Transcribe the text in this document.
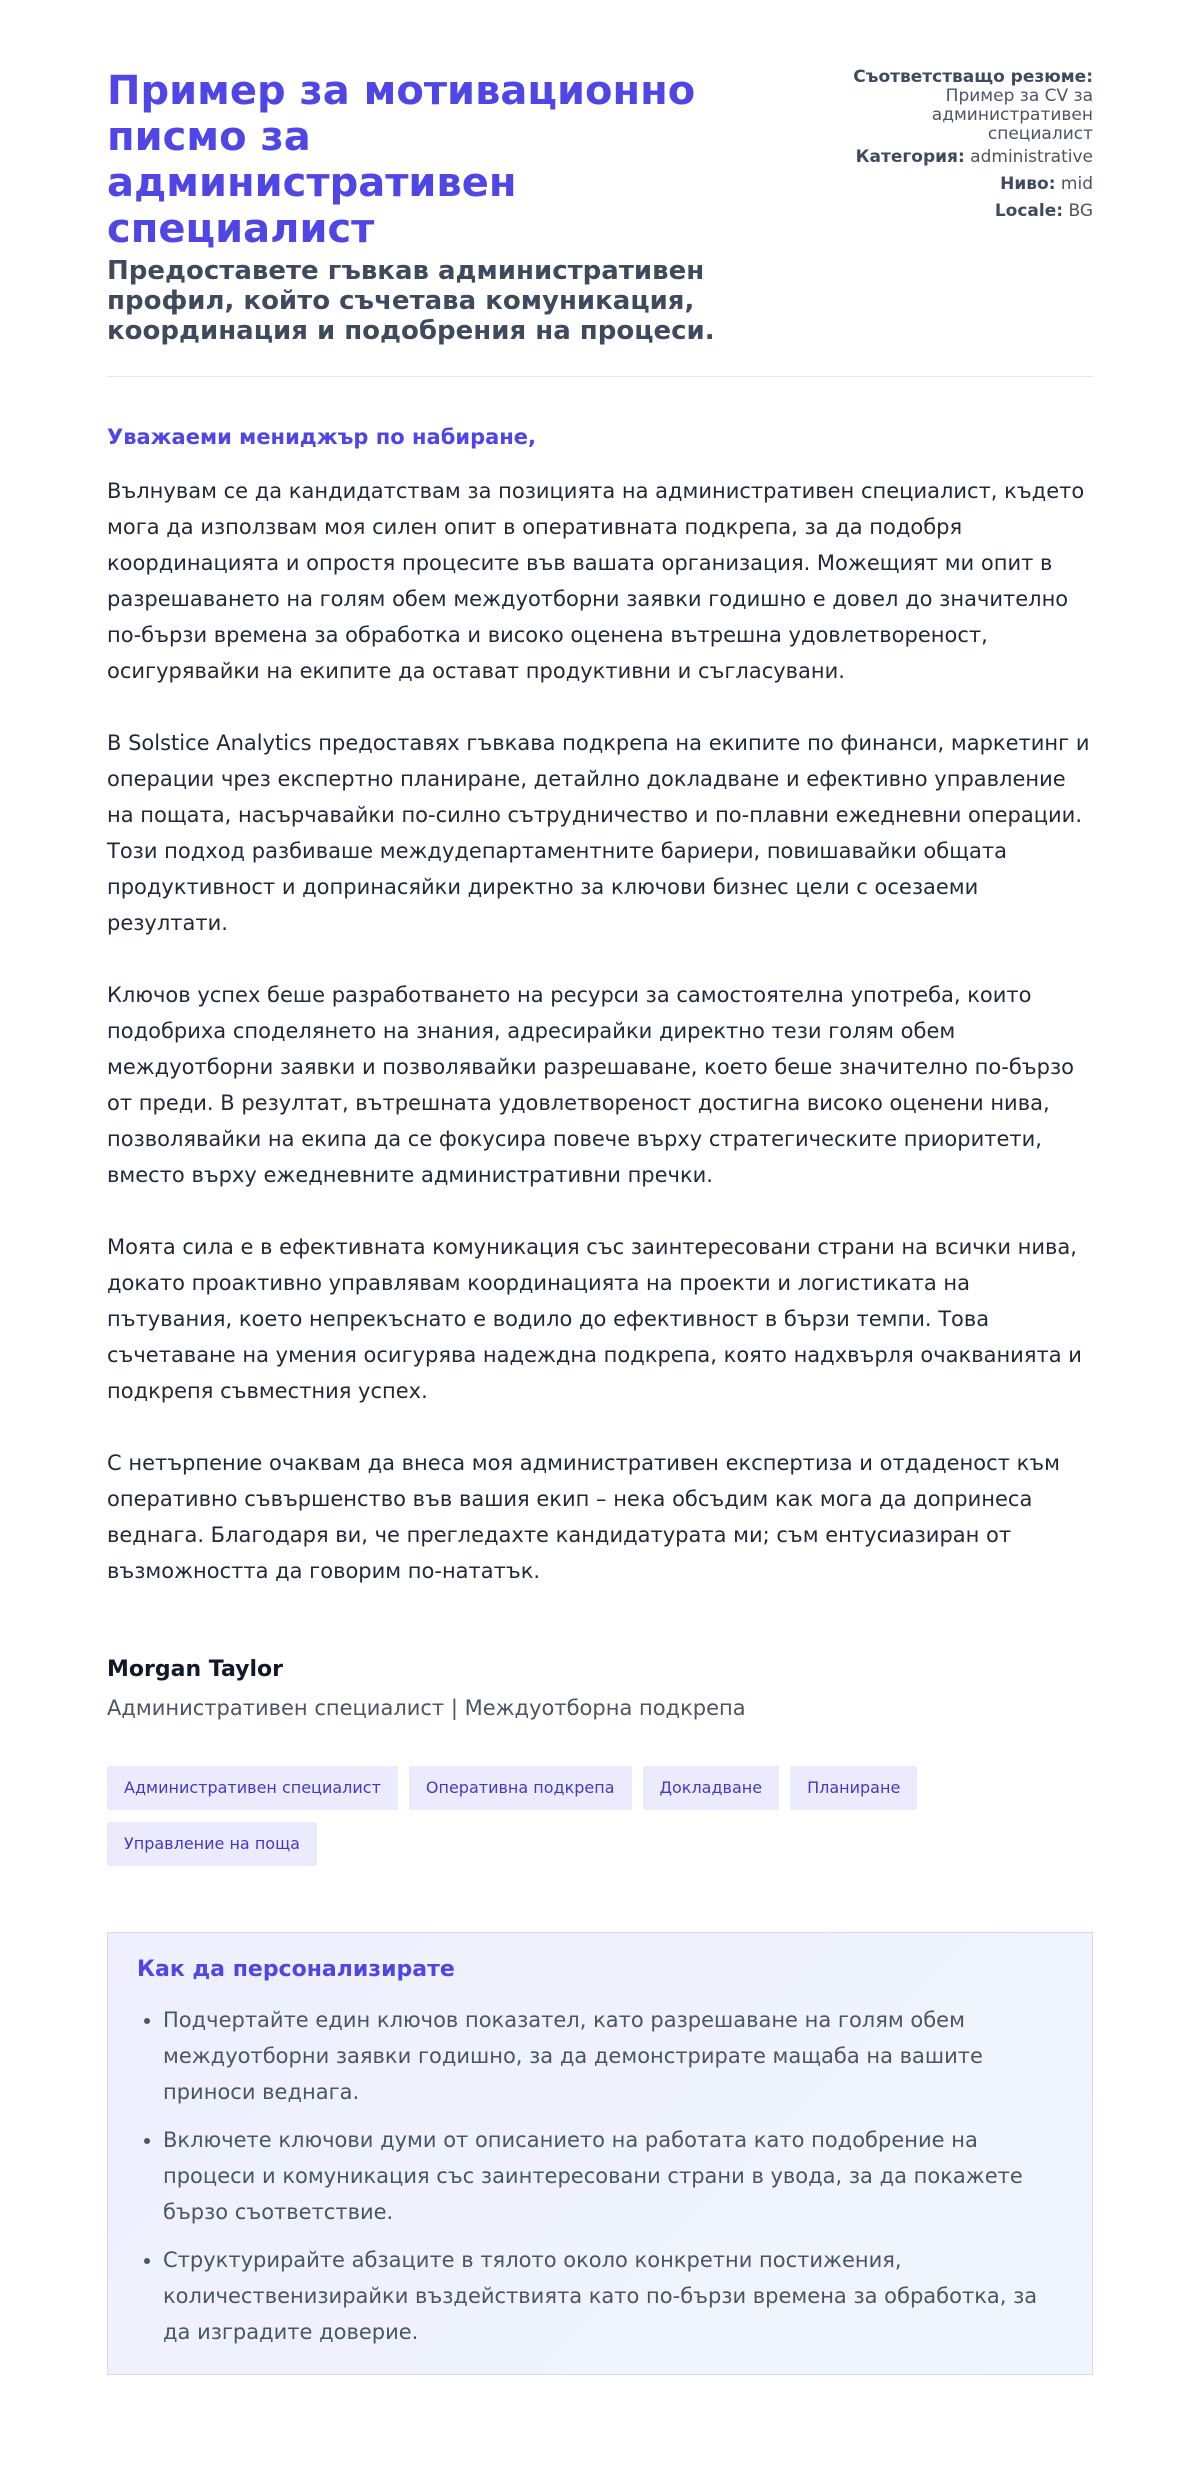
Пример за мотивационно писмо за административен специалист

Предоставете гъвкав административен профил, който съчетава комуникация, координация и подобрения на процеси.

Съответстващо резюме:
Пример за CV за административен специалист
Категория: administrative
Ниво: mid
Locale: BG
Уважаеми мениджър по набиране,

Вълнувам се да кандидатствам за позицията на административен специалист, където мога да използвам моя силен опит в оперативната подкрепа, за да подобря координацията и опростя процесите във вашата организация. Можещият ми опит в разрешаването на голям обем междуотборни заявки годишно е довел до значително по-бързи времена за обработка и високо оценена вътрешна удовлетвореност, осигурявайки на екипите да остават продуктивни и съгласувани.

В Solstice Analytics предоставях гъвкава подкрепа на екипите по финанси, маркетинг и операции чрез експертно планиране, детайлно докладване и ефективно управление на пощата, насърчавайки по-силно сътрудничество и по-плавни ежедневни операции. Този подход разбиваше междудепартаментните бариери, повишавайки общата продуктивност и допринасяйки директно за ключови бизнес цели с осезаеми резултати.

Ключов успех беше разработването на ресурси за самостоятелна употреба, които подобриха споделянето на знания, адресирайки директно тези голям обем междуотборни заявки и позволявайки разрешаване, което беше значително по-бързо от преди. В резултат, вътрешната удовлетвореност достигна високо оценени нива, позволявайки на екипа да се фокусира повече върху стратегическите приоритети, вместо върху ежедневните административни пречки.

Моята сила е в ефективната комуникация със заинтересовани страни на всички нива, докато проактивно управлявам координацията на проекти и логистиката на пътувания, което непрекъснато е водило до ефективност в бързи темпи. Това съчетаване на умения осигурява надеждна подкрепа, която надхвърля очакванията и подкрепя съвместния успех.

С нетърпение очаквам да внеса моя административен експертиза и отдаденост към оперативно съвършенство във вашия екип – нека обсъдим как мога да допринеса веднага. Благодаря ви, че прегледахте кандидатурата ми; съм ентусиазиран от възможността да говорим по-нататък.

Morgan Taylor
Административен специалист | Междуотборна подкрепа
Административен специалист	Оперативна подкрепа	Докладване	Планиране
Управление на поща
Как да персонализирате
• Подчертайте един ключов показател, като разрешаване на голям обем междуотборни заявки годишно, за да демонстрирате мащаба на вашите приноси веднага.
• Включете ключови думи от описанието на работата като подобрение на процеси и комуникация със заинтересовани страни в увода, за да покажете бързо съответствие.
• Структурирайте абзаците в тялото около конкретни постижения, количественизирайки въздействията като по-бързи времена за обработка, за да изградите доверие.
